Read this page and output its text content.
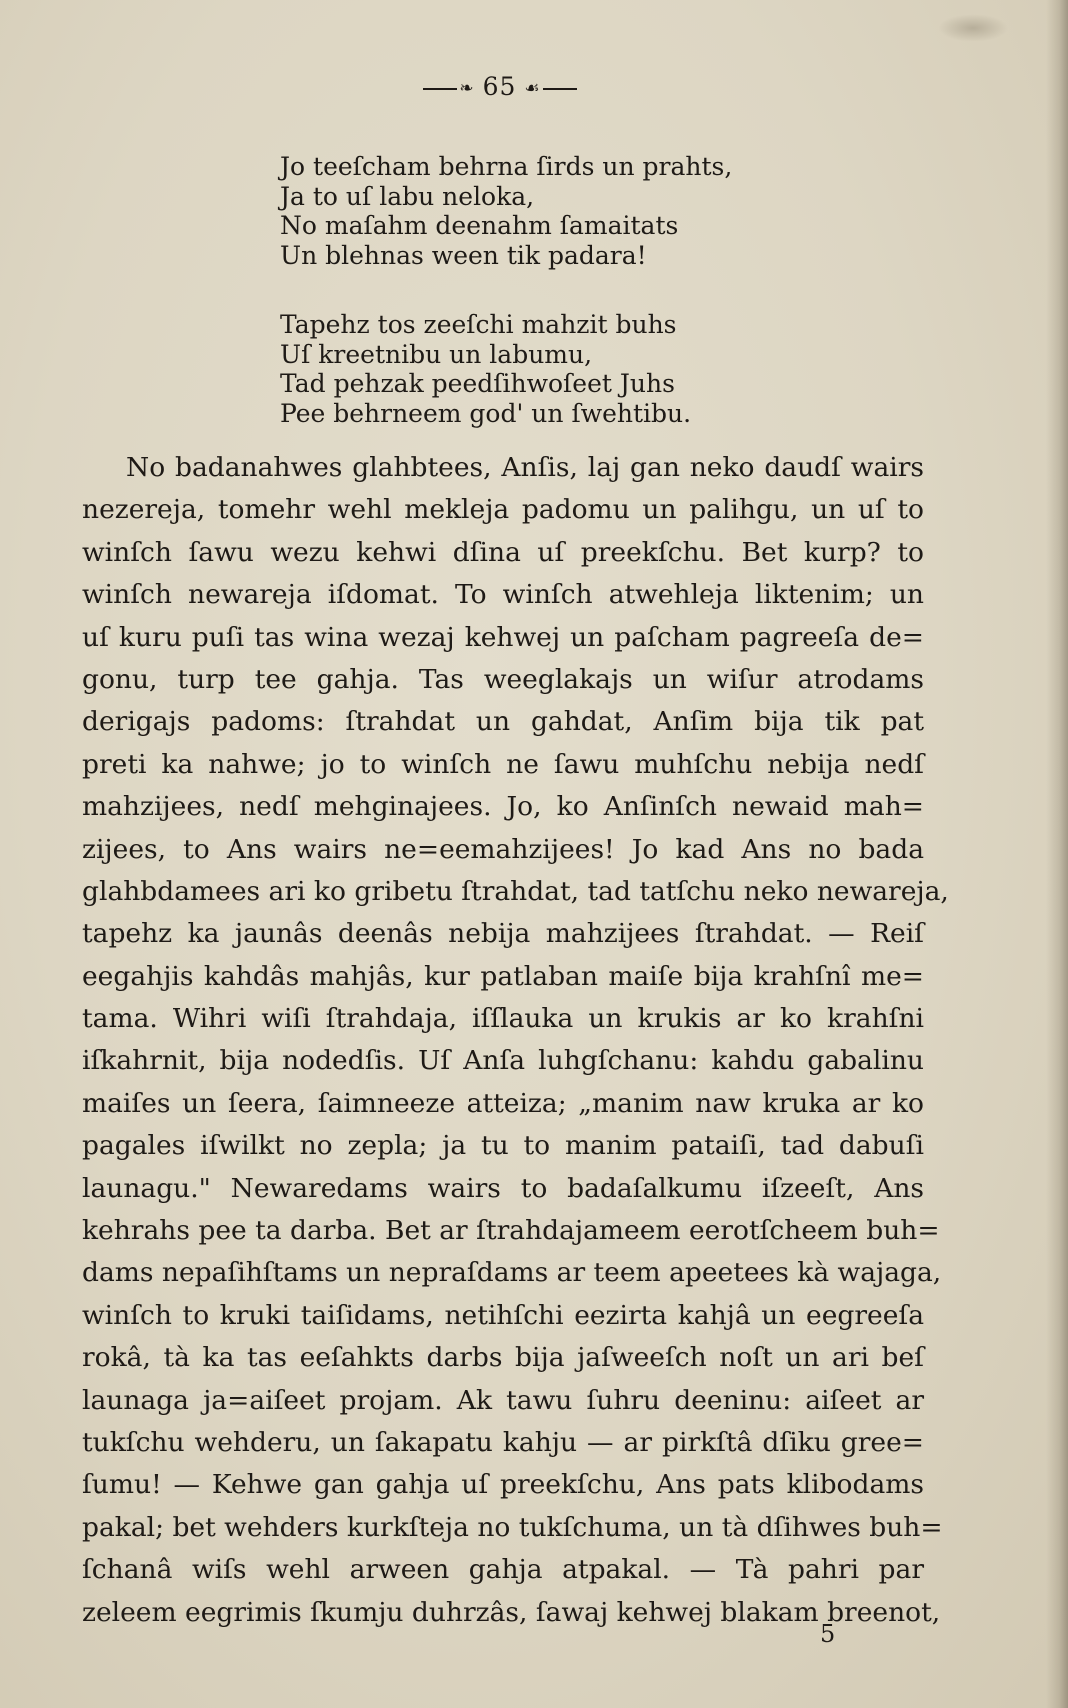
❧ 65 ☙
Jo teeſcham behrna ſirds un prahts,
Ja to uſ labu neloka,
No maſahm deenahm ſamaitats
Un blehnas ween tik padara!
Tapehz tos zeeſchi mahzit buhs
Uſ kreetnibu un labumu,
Tad pehzak peedſihwoſeet Juhs
Pee behrneem god' un ſwehtibu.
No badanahwes glahbtees, Anſis, laj gan neko daudſ wairs
nezereja, tomehr wehl mekleja padomu un palihgu, un uſ to
winſch ſawu wezu kehwi dſina uſ preekſchu. Bet kurp? to
winſch newareja iſdomat. To winſch atwehleja liktenim; un
uſ kuru puſi tas wina wezaj kehwej un paſcham pagreeſa de=
gonu, turp tee gahja. Tas weeglakajs un wiſur atrodams
derigajs padoms: ſtrahdat un gahdat, Anſim bija tik pat
preti ka nahwe; jo to winſch ne ſawu muhſchu nebija nedſ
mahzijees, nedſ mehginajees. Jo, ko Anſinſch newaid mah=
zijees, to Ans wairs ne=eemahzijees! Jo kad Ans no bada
glahbdamees ari ko gribetu ſtrahdat, tad tatſchu neko newareja,
tapehz ka jaunâs deenâs nebija mahzijees ſtrahdat. — Reiſ
eegahjis kahdâs mahjâs, kur patlaban maiſe bija krahſnî me=
tama. Wihri wiſi ſtrahdaja, iſſlauka un krukis ar ko krahſni
iſkahrnit, bija nodedſis. Uſ Anſa luhgſchanu: kahdu gabalinu
maiſes un ſeera, ſaimneeze atteiza; „manim naw kruka ar ko
pagales iſwilkt no zepla; ja tu to manim pataiſi, tad dabuſi
launagu." Newaredams wairs to badaſalkumu iſzeeſt, Ans
kehrahs pee ta darba. Bet ar ſtrahdajameem eerotſcheem buh=
dams nepaſihſtams un nepraſdams ar teem apeetees kà wajaga,
winſch to kruki taiſidams, netihſchi eezirta kahjâ un eegreeſa
rokâ, tà ka tas eeſahkts darbs bija jaſweeſch noſt un ari beſ
launaga ja=aiſeet projam. Ak tawu ſuhru deeninu: aiſeet ar
tukſchu wehderu, un ſakapatu kahju — ar pirkſtâ dſiku gree=
ſumu! — Kehwe gan gahja uſ preekſchu, Ans pats klibodams
pakal; bet wehders kurkſteja no tukſchuma, un tà dſihwes buh=
ſchanâ wiſs wehl arween gahja atpakal. — Tà pahri par
zeleem eegrimis ſkumju duhrzâs, ſawaj kehwej blakam breenot,
5
